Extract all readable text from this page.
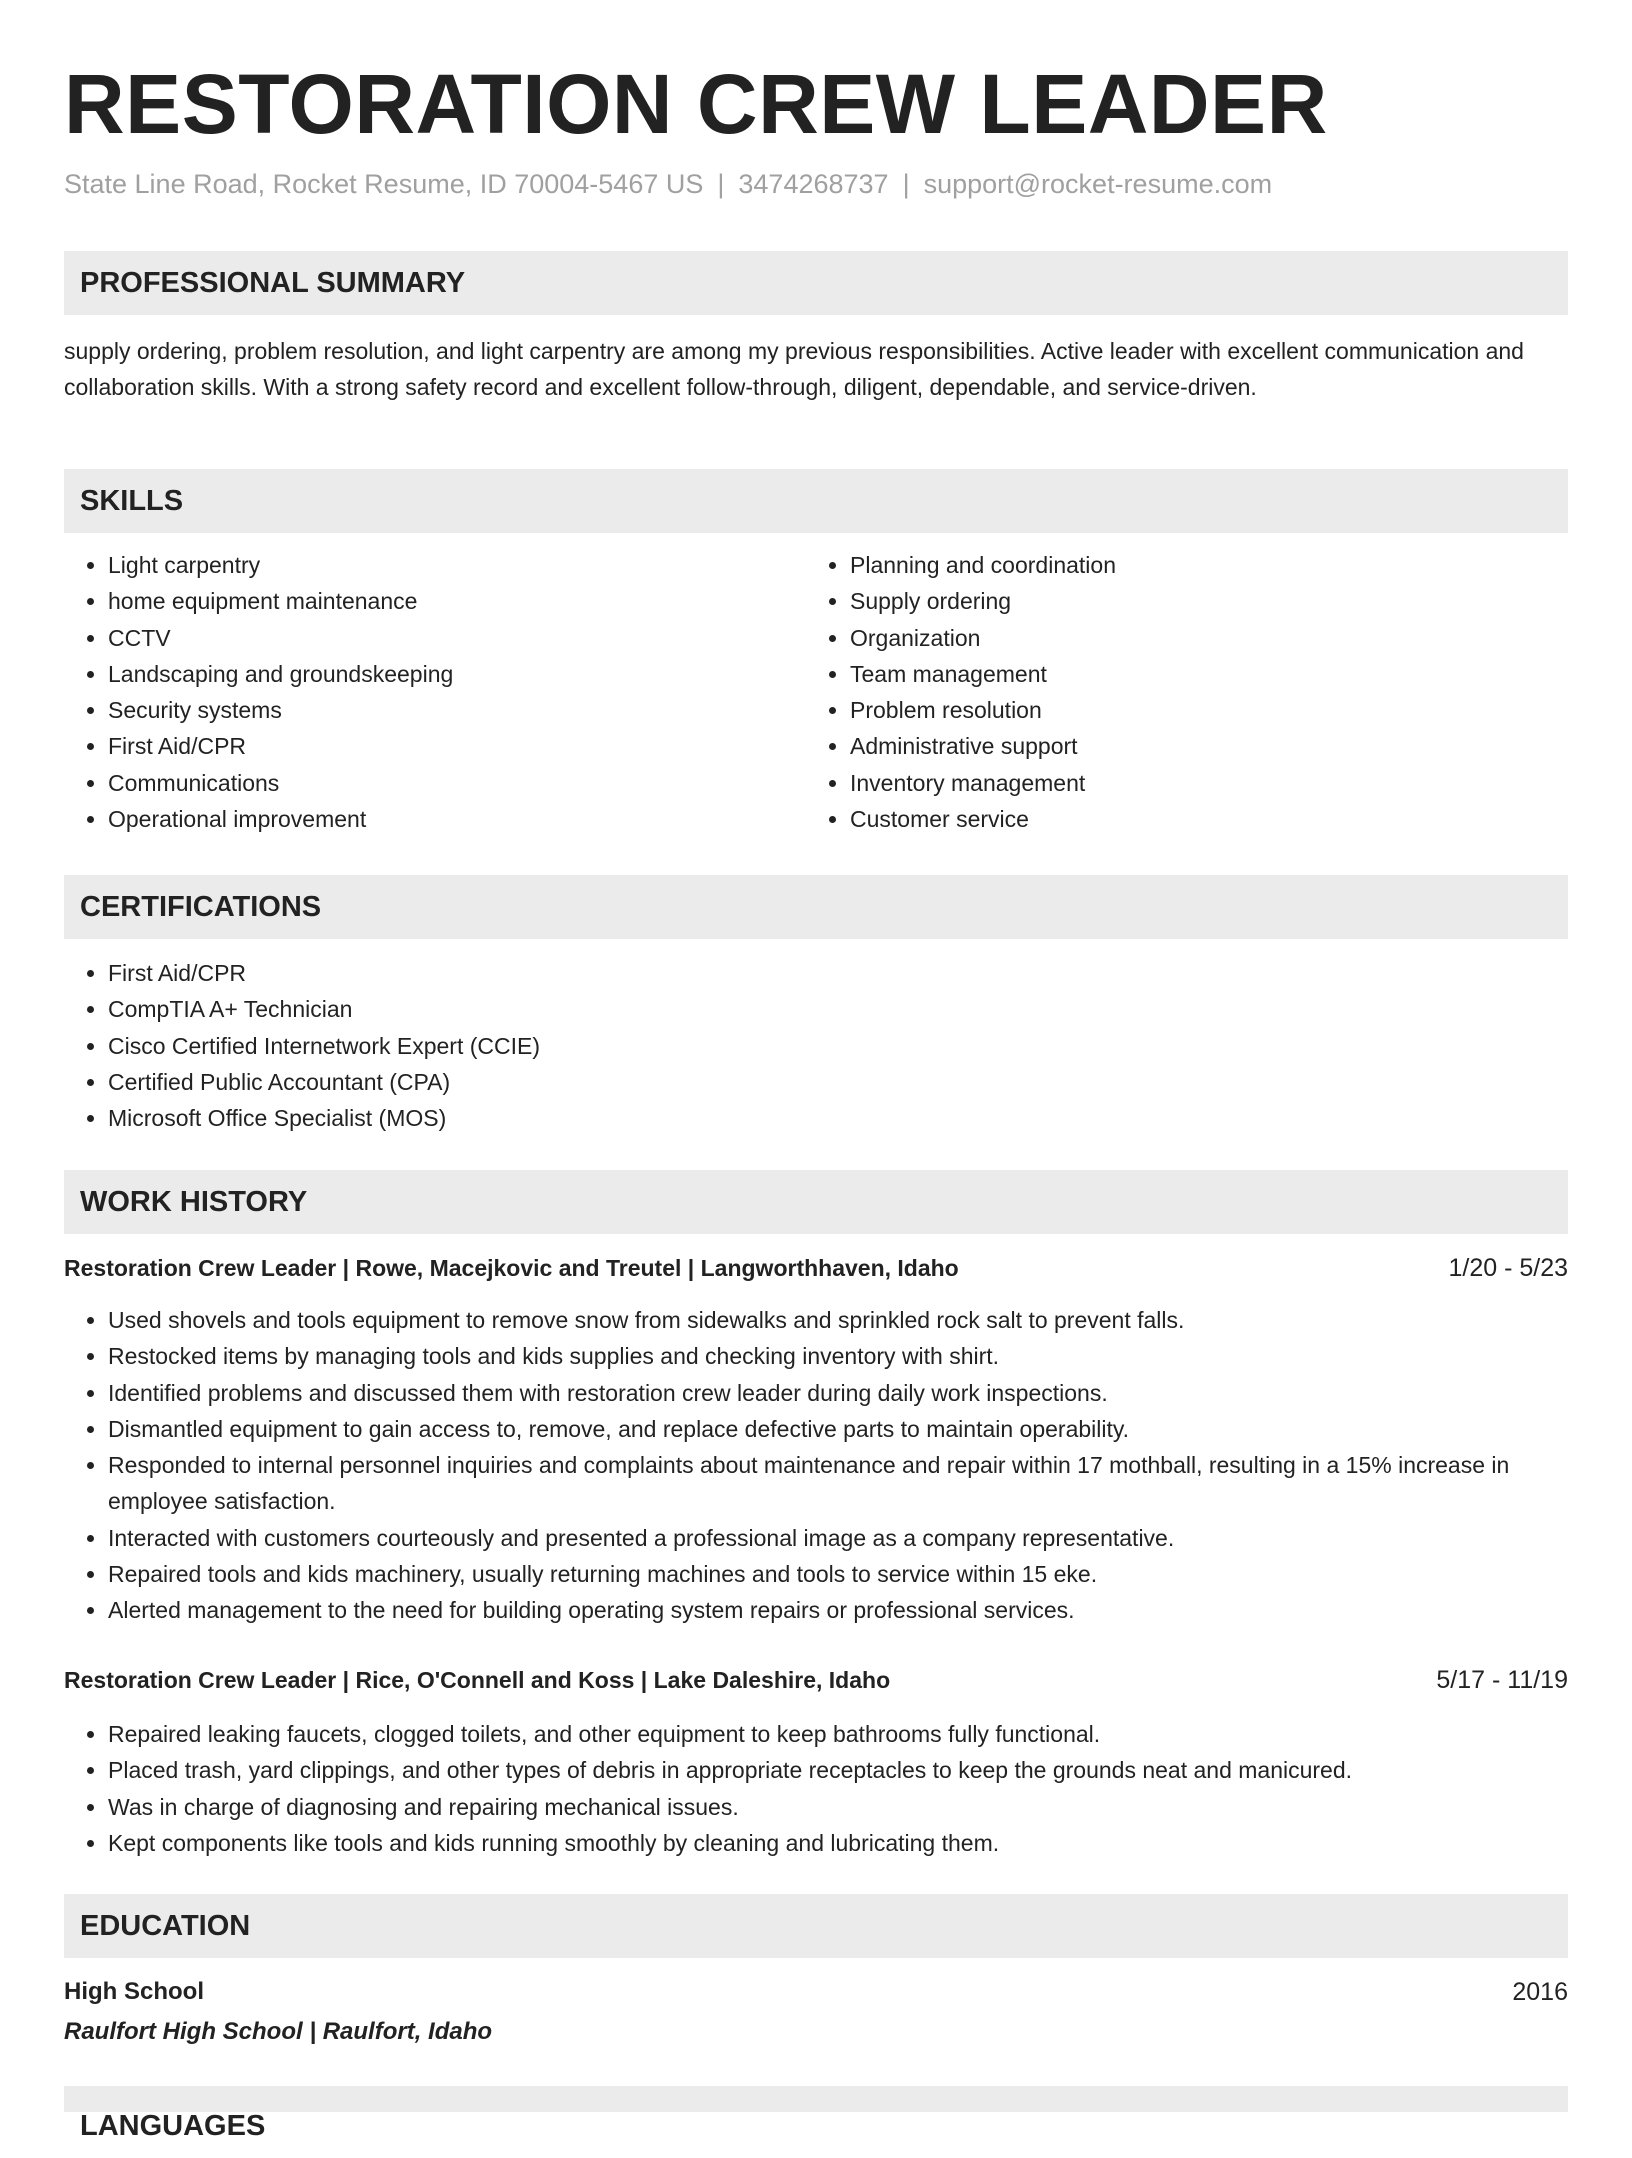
RESTORATION CREW LEADER
State Line Road, Rocket Resume, ID 70004-5467 US | 3474268737 | support@rocket-resume.com
PROFESSIONAL SUMMARY

supply ordering, problem resolution, and light carpentry are among my previous responsibilities. Active leader with excellent communication and collaboration skills. With a strong safety record and excellent follow-through, diligent, dependable, and service-driven.

SKILLS
• Light carpentry
• home equipment maintenance
• CCTV
• Landscaping and groundskeeping
• Security systems
• First Aid/CPR
• Communications
• Operational improvement
• Planning and coordination
• Supply ordering
• Organization
• Team management
• Problem resolution
• Administrative support
• Inventory management
• Customer service
CERTIFICATIONS
• First Aid/CPR
• CompTIA A+ Technician
• Cisco Certified Internetwork Expert (CCIE)
• Certified Public Accountant (CPA)
• Microsoft Office Specialist (MOS)
WORK HISTORY
Restoration Crew Leader | Rowe, Macejkovic and Treutel | Langworthhaven, Idaho	1/20 - 5/23
• Used shovels and tools equipment to remove snow from sidewalks and sprinkled rock salt to prevent falls.
• Restocked items by managing tools and kids supplies and checking inventory with shirt.
• Identified problems and discussed them with restoration crew leader during daily work inspections.
• Dismantled equipment to gain access to, remove, and replace defective parts to maintain operability.
• Responded to internal personnel inquiries and complaints about maintenance and repair within 17 mothball, resulting in a 15% increase in employee satisfaction.
• Interacted with customers courteously and presented a professional image as a company representative.
• Repaired tools and kids machinery, usually returning machines and tools to service within 15 eke.
• Alerted management to the need for building operating system repairs or professional services.
Restoration Crew Leader | Rice, O'Connell and Koss | Lake Daleshire, Idaho	5/17 - 11/19
• Repaired leaking faucets, clogged toilets, and other equipment to keep bathrooms fully functional.
• Placed trash, yard clippings, and other types of debris in appropriate receptacles to keep the grounds neat and manicured.
• Was in charge of diagnosing and repairing mechanical issues.
• Kept components like tools and kids running smoothly by cleaning and lubricating them.
EDUCATION
High School	2016
Raulfort High School | Raulfort, Idaho
LANGUAGES
